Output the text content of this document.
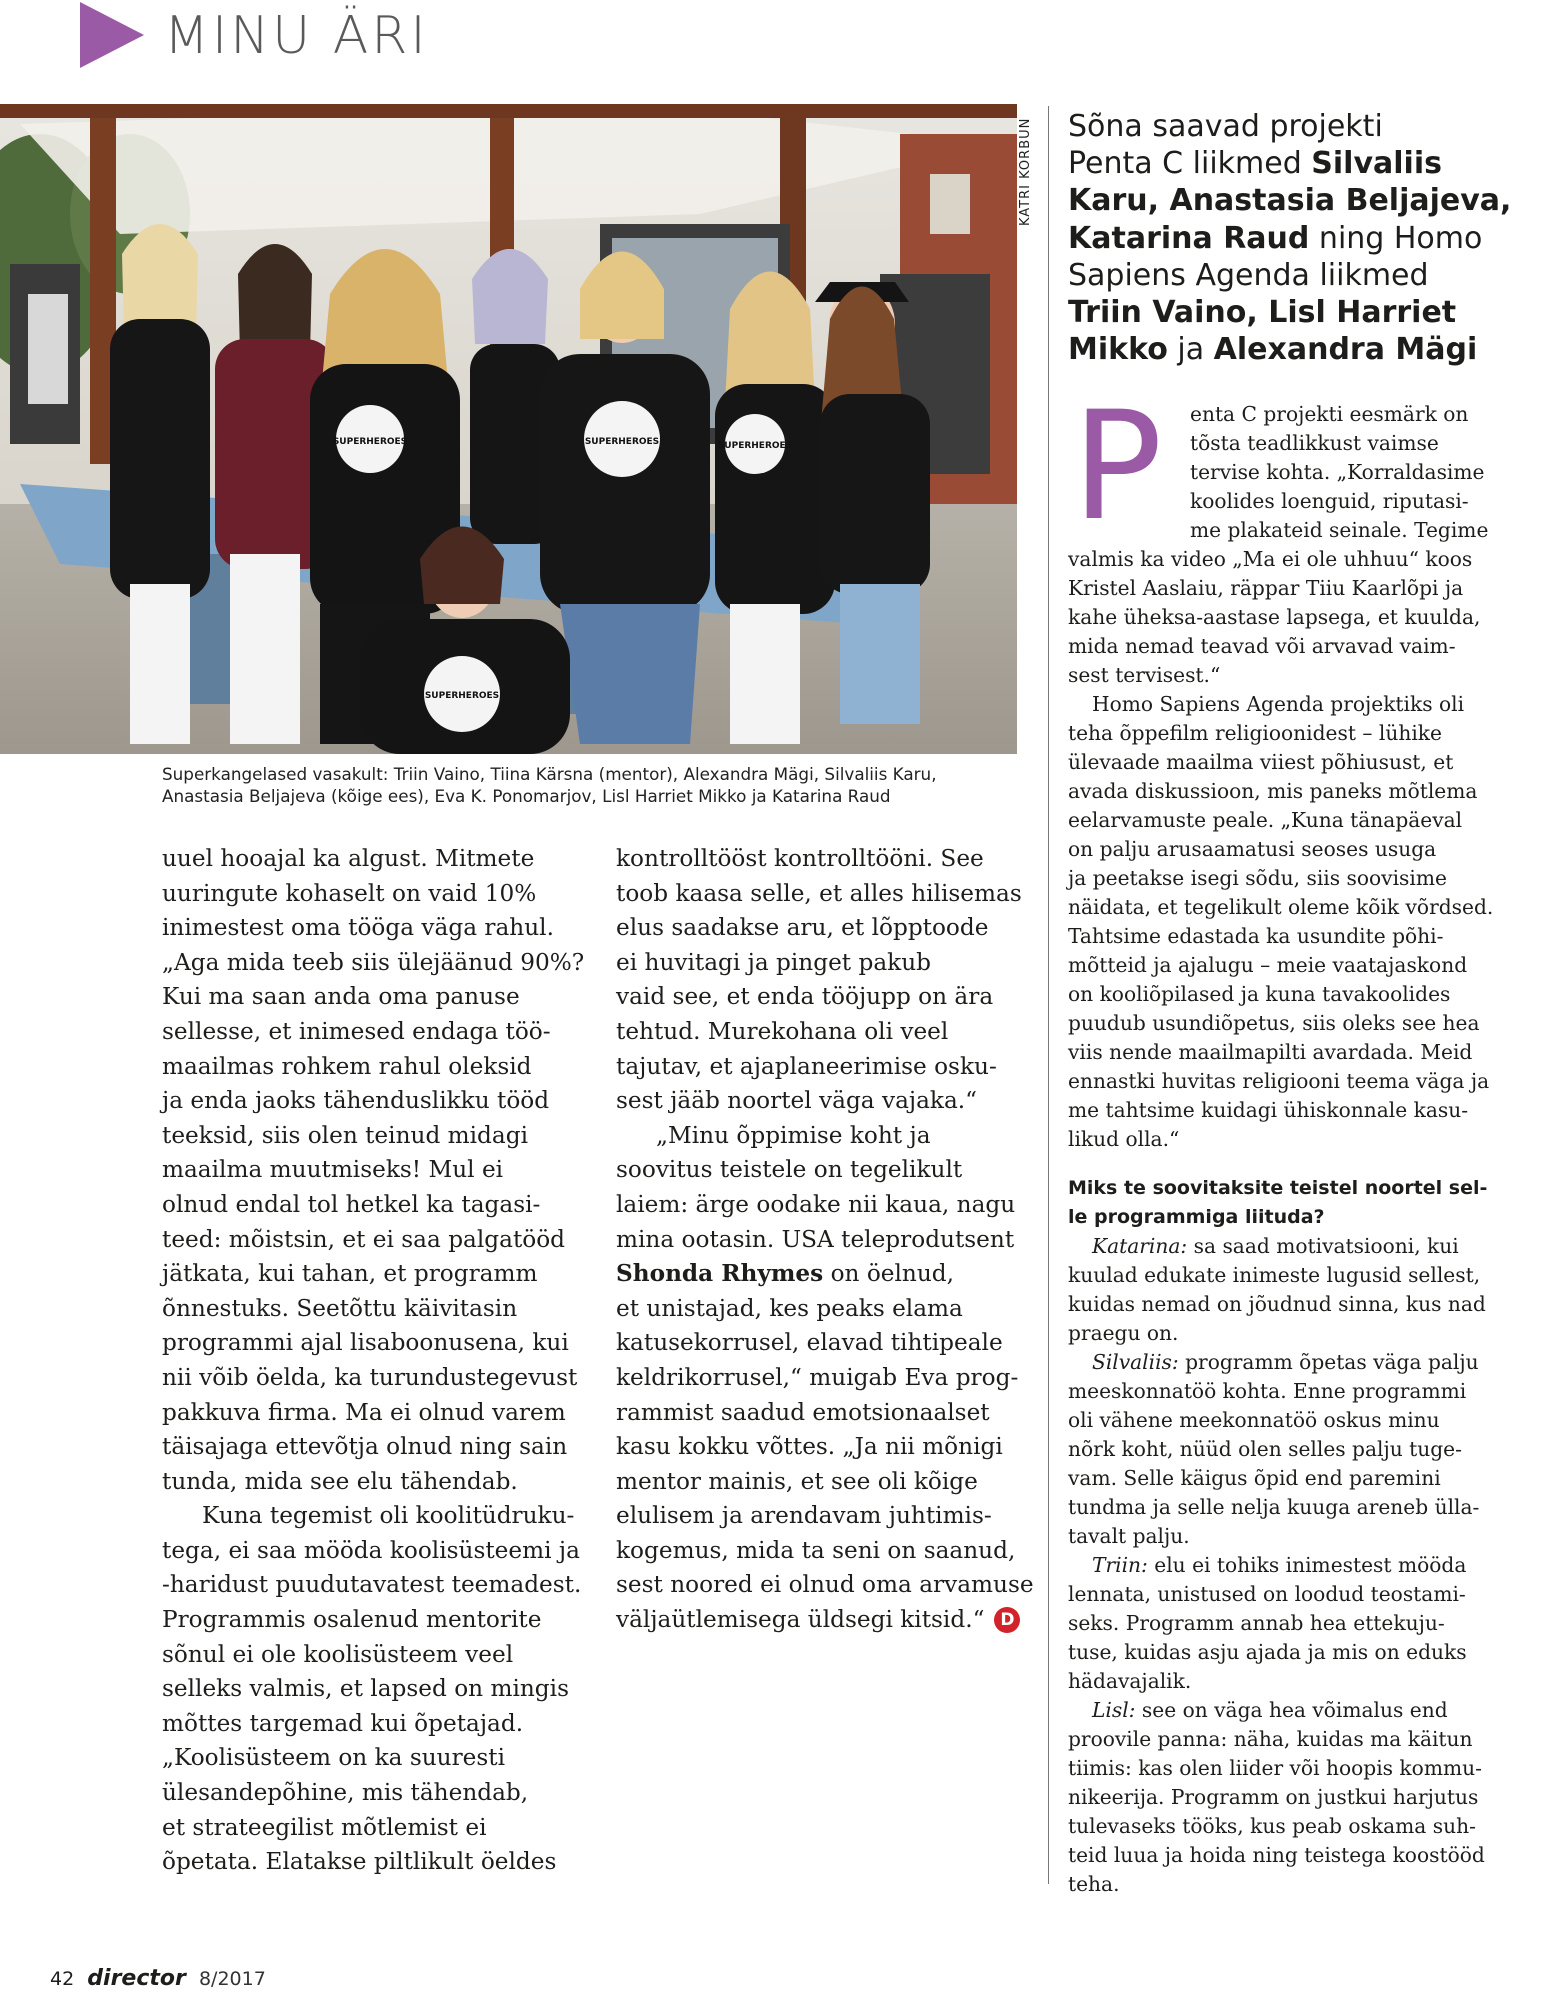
MINU ÄRI
SUPERHEROES	SUPERHEROES	SUPERHEROES
SUPERHEROES
KATRI KORBUN
Superkangelased vasakult: Triin Vaino, Tiina Kärsna (mentor), Alexandra Mägi, Silvaliis Karu,
Anastasia Beljajeva (kõige ees), Eva K. Ponomarjov, Lisl Harriet Mikko ja Katarina Raud
uuel hooajal ka algust. Mitmete
uuringute kohaselt on vaid 10%
inimestest oma tööga väga rahul.
„Aga mida teeb siis ülejäänud 90%?
Kui ma saan anda oma panuse
sellesse, et inimesed endaga töö-
maailmas rohkem rahul oleksid
ja enda jaoks tähenduslikku tööd
teeksid, siis olen teinud midagi
maailma muutmiseks! Mul ei
olnud endal tol hetkel ka tagasi-
teed: mõistsin, et ei saa palgatööd
jätkata, kui tahan, et programm
õnnestuks. Seetõttu käivitasin
programmi ajal lisaboonusena, kui
nii võib öelda, ka turundustegevust
pakkuva firma. Ma ei olnud varem
täisajaga ettevõtja olnud ning sain
tunda, mida see elu tähendab.
Kuna tegemist oli koolitüdruku-
tega, ei saa mööda koolisüsteemi ja
-haridust puudutavatest teemadest.
Programmis osalenud mentorite
sõnul ei ole koolisüsteem veel
selleks valmis, et lapsed on mingis
mõttes targemad kui õpetajad.
„Koolisüsteem on ka suuresti
ülesandepõhine, mis tähendab,
et strateegilist mõtlemist ei
õpetata. Elatakse piltlikult öeldes
kontrolltööst kontrolltööni. See
toob kaasa selle, et alles hilisemas
elus saadakse aru, et lõpptoode
ei huvitagi ja pinget pakub
vaid see, et enda tööjupp on ära
tehtud. Murekohana oli veel
tajutav, et ajaplaneerimise osku-
sest jääb noortel väga vajaka.“
„Minu õppimise koht ja
soovitus teistele on tegelikult
laiem: ärge oodake nii kaua, nagu
mina ootasin. USA teleprodutsent
Shonda Rhymes on öelnud,
et unistajad, kes peaks elama
katusekorrusel, elavad tihtipeale
keldrikorrusel,“ muigab Eva prog-
rammist saadud emotsionaalset
kasu kokku võttes. „Ja nii mõnigi
mentor mainis, et see oli kõige
elulisem ja arendavam juhtimis-
kogemus, mida ta seni on saanud,
sest noored ei olnud oma arvamuse
väljaütlemisega üldsegi kitsid.“ D
Sõna saavad projekti
Penta C liikmed Silvaliis
Karu, Anastasia Beljajeva,
Katarina Raud ning Homo
Sapiens Agenda liikmed
Triin Vaino, Lisl Harriet
Mikko ja Alexandra Mägi
P	enta C projekti eesmärk on
tõsta teadlikkust vaimse
tervise kohta. „Korraldasime
koolides loenguid, riputasi-
me plakateid seinale. Tegime
valmis ka video „Ma ei ole uhhuu“ koos
Kristel Aaslaiu, räppar Tiiu Kaarlõpi ja
kahe üheksa-aastase lapsega, et kuulda,
mida nemad teavad või arvavad vaim-
sest tervisest.“
Homo Sapiens Agenda projektiks oli
teha õppefilm religioonidest – lühike
ülevaade maailma viiest põhiusust, et
avada diskussioon, mis paneks mõtlema
eelarvamuste peale. „Kuna tänapäeval
on palju arusaamatusi seoses usuga
ja peetakse isegi sõdu, siis soovisime
näidata, et tegelikult oleme kõik võrdsed.
Tahtsime edastada ka usundite põhi-
mõtteid ja ajalugu – meie vaatajaskond
on kooliõpilased ja kuna tavakoolides
puudub usundiõpetus, siis oleks see hea
viis nende maailmapilti avardada. Meid
ennastki huvitas religiooni teema väga ja
me tahtsime kuidagi ühiskonnale kasu-
likud olla.“
Miks te soovitaksite teistel noortel sel-
le programmiga liituda?
Katarina: sa saad motivatsiooni, kui
kuulad edukate inimeste lugusid sellest,
kuidas nemad on jõudnud sinna, kus nad
praegu on.
Silvaliis: programm õpetas väga palju
meeskonnatöö kohta. Enne programmi
oli vähene meekonnatöö oskus minu
nõrk koht, nüüd olen selles palju tuge-
vam. Selle käigus õpid end paremini
tundma ja selle nelja kuuga areneb ülla-
tavalt palju.
Triin: elu ei tohiks inimestest mööda
lennata, unistused on loodud teostami-
seks. Programm annab hea ettekuju-
tuse, kuidas asju ajada ja mis on eduks
hädavajalik.
Lisl: see on väga hea võimalus end
proovile panna: näha, kuidas ma käitun
tiimis: kas olen liider või hoopis kommu-
nikeerija. Programm on justkui harjutus
tulevaseks tööks, kus peab oskama suh-
teid luua ja hoida ning teistega koostööd
teha.
42 director 8/2017
